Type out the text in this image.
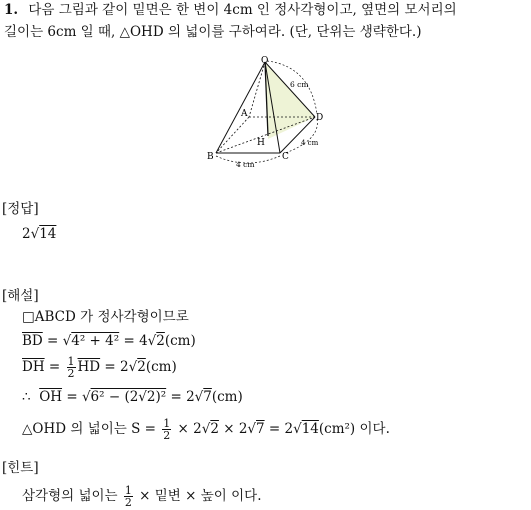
1. 다음 그림과 같이 밑면은 한 변이 4cm 인 정사각형이고, 옆면의 모서리의
길이는 6cm 일 때, △OHD 의 넓이를 구하여라. (단, 단위는 생략한다.)
O
A
B	C
D
H
6 cm
4 cm
4 cm
[정답]
2√14
[해설]
□ABCD 가 정사각형이므로
$\overline{BD} = √4^2 + 4^2 = 4√2(cm)$
$\overline{DH} = \frac{1}{2} \overline{HD} = 2√2(cm)$
∴ $\overline{OH} = √6^2 - (2√2)^2 = 2√7(cm)$
△OHD 의 넓이는 $S = \frac{1}{2} \times 2√2 \times 2√7 = 2√14(cm^2)$ 이다.
[힌트]
삼각형의 넓이는 $\frac{1}{2}$ × 밑변 × 높이 이다.
